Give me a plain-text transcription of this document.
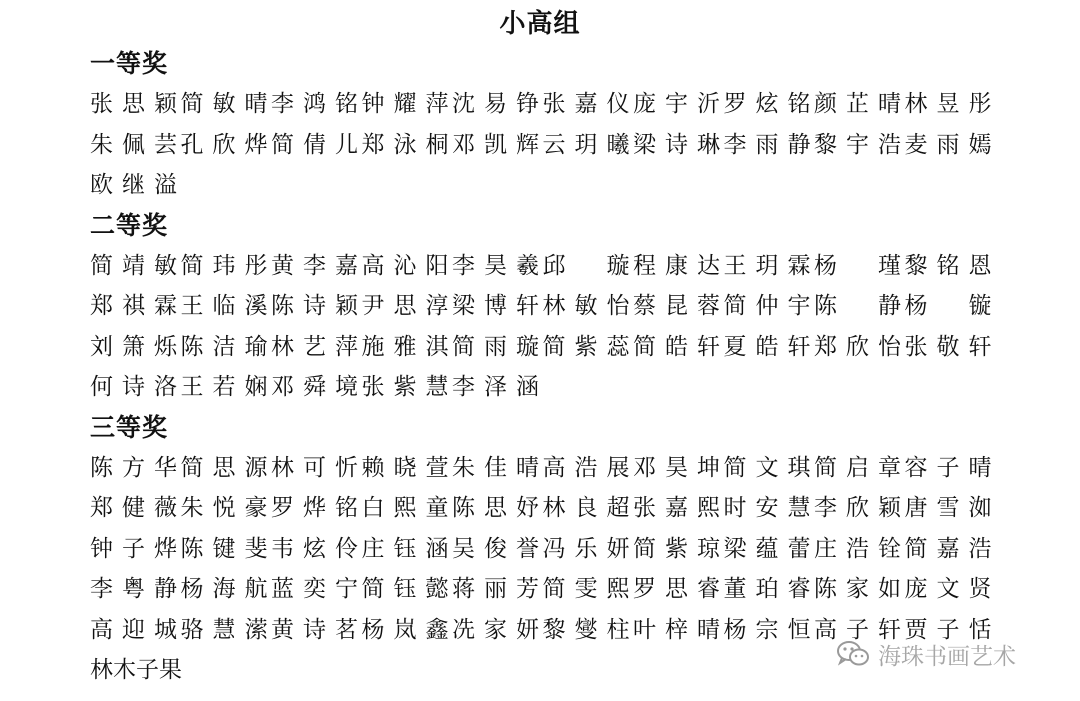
小高组
一等奖
张思颖 简敏晴 李鸿铭 钟耀萍 沈易铮 张嘉仪 庞宇沂 罗炫铭 颜芷晴 林昱彤
朱佩芸 孔欣烨 简倩儿 郑泳桐 邓凯辉 云玥曦 梁诗琳 李雨静 黎宇浩 麦雨嫣
欧继溢
二等奖
简靖敏 简玮彤 黄李嘉 高沁阳 李昊羲 邱　璇 程康达 王玥霖 杨　瑾 黎铭恩
郑祺霖 王临溪 陈诗颖 尹思淳 梁博轩 林敏怡 蔡昆蓉 简仲宇 陈　静 杨　镟
刘箫烁 陈洁瑜 林艺萍 施雅淇 简雨璇 简紫蕊 简皓轩 夏皓轩 郑欣怡 张敬轩
何诗洛 王若娴 邓舜境 张紫慧 李泽涵
三等奖
陈方华 简思源 林可忻 赖晓萱 朱佳晴 高浩展 邓昊坤 简文琪 简启章 容子晴
郑健薇 朱悦豪 罗烨铭 白熙童 陈思妤 林良超 张嘉熙 时安慧 李欣颖 唐雪洳
钟子烨 陈键斐 韦炫伶 庄钰涵 吴俊誉 冯乐妍 简紫琼 梁蕴蕾 庄浩铨 简嘉浩
李粤静 杨海航 蓝奕宁 简钰懿 蒋丽芳 简雯熙 罗思睿 董珀睿 陈家如 庞文贤
高迎城 骆慧潆 黄诗茗 杨岚鑫 冼家妍 黎燮柱 叶梓晴 杨宗恒 高子轩 贾子恬
林木子果
海珠书画艺术
